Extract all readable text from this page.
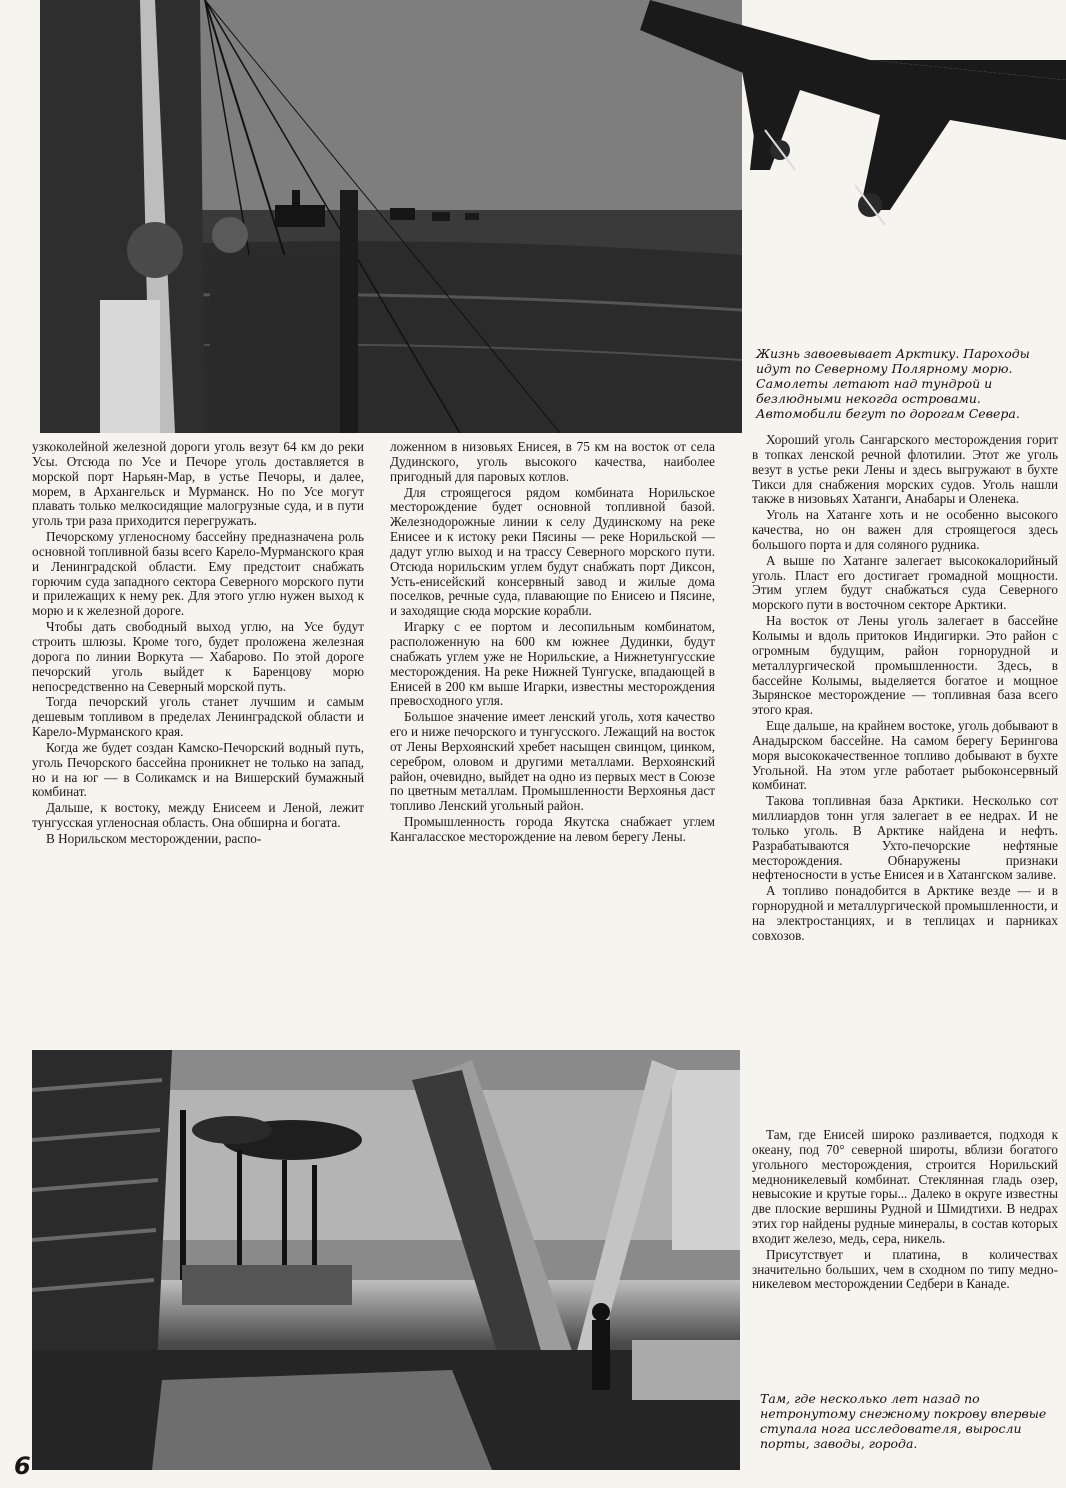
Жизнь завоевывает Арктику. Пароходы идут по Северному Полярному морю. Самолеты летают над тундрой и безлюдными некогда островами. Автомобили бегут по дорогам Севера.

узкоколейной железной дороги уголь везут 64 км до реки Усы. Отсюда по Усе и Печоре уголь доставляется в морской порт Нарьян-Мар, в устье Печоры, и далее, морем, в Архангельск и Мурманск. Но по Усе могут плавать только мелкосидящие малогрузные суда, и в пути уголь три раза приходится перегружать.

Печорскому угленосному бассейну предназначена роль основной топливной базы всего Карело-Мурманского края и Ленинградской области. Ему предстоит снабжать горючим суда западного сектора Северного морского пути и прилежащих к нему рек. Для этого углю нужен выход к морю и к железной дороге.

Чтобы дать свободный выход углю, на Усе будут строить шлюзы. Кроме того, будет проложена железная дорога по линии Воркута — Хабарово. По этой дороге печорский уголь выйдет к Баренцову морю непосредственно на Северный морской путь.

Тогда печорский уголь станет лучшим и самым дешевым топливом в пределах Ленинградской области и Карело-Мурманского края.

Когда же будет создан Камско-Печорский водный путь, уголь Печорского бассейна проникнет не только на запад, но и на юг — в Соликамск и на Вишерский бумажный комбинат.

Дальше, к востоку, между Енисеем и Леной, лежит тунгусская угленосная область. Она обширна и богата.

В Норильском месторождении, распо-

ложенном в низовьях Енисея, в 75 км на восток от села Дудинского, уголь высокого качества, наиболее пригодный для паровых котлов.

Для строящегося рядом комбината Норильское месторождение будет основной топливной базой. Железнодорожные линии к селу Дудинскому на реке Енисее и к истоку реки Пясины — реке Норильской — дадут углю выход и на трассу Северного морского пути. Отсюда норильским углем будут снабжать порт Диксон, Усть-енисейский консервный завод и жилые дома поселков, речные суда, плавающие по Енисею и Пясине, и заходящие сюда морские корабли.

Игарку с ее портом и лесопильным комбинатом, расположенную на 600 км южнее Дудинки, будут снабжать углем уже не Норильские, а Нижнетунгусские месторождения. На реке Нижней Тунгуске, впадающей в Енисей в 200 км выше Игарки, известны месторождения превосходного угля.

Большое значение имеет ленский уголь, хотя качество его и ниже печорского и тунгусского. Лежащий на восток от Лены Верхоянский хребет насыщен свинцом, цинком, серебром, оловом и другими металлами. Верхоянский район, очевидно, выйдет на одно из первых мест в Союзе по цветным металлам. Промышленности Верхоянья даст топливо Ленский угольный район.

Промышленность города Якутска снабжает углем Кангаласское месторождение на левом берегу Лены.

Хороший уголь Сангарского месторождения горит в топках ленской речной флотилии. Этот же уголь везут в устье реки Лены и здесь выгружают в бухте Тикси для снабжения морских судов. Уголь нашли также в низовьях Хатанги, Анабары и Оленека.

Уголь на Хатанге хоть и не особенно высокого качества, но он важен для строящегося здесь большого порта и для соляного рудника.

А выше по Хатанге залегает высококалорийный уголь. Пласт его достигает громадной мощности. Этим углем будут снабжаться суда Северного морского пути в восточном секторе Арктики.

На восток от Лены уголь залегает в бассейне Колымы и вдоль притоков Индигирки. Это район с огромным будущим, район горнорудной и металлургической промышленности. Здесь, в бассейне Колымы, выделяется богатое и мощное Зырянское месторождение — топливная база всего этого края.

Еще дальше, на крайнем востоке, уголь добывают в Анадырском бассейне. На самом берегу Берингова моря высококачественное топливо добывают в бухте Угольной. На этом угле работает рыбоконсервный комбинат.

Такова топливная база Арктики. Несколько сот миллиардов тонн угля залегает в ее недрах. И не только уголь. В Арктике найдена и нефть. Разрабатываются Ухто-печорские нефтяные месторождения. Обнаружены признаки нефтеносности в устье Енисея и в Хатангском заливе.

А топливо понадобится в Арктике везде — и в горнорудной и металлургической промышленности, и на электростанциях, и в теплицах и парниках совхозов.

Там, где Енисей широко разливается, подходя к океану, под 70° северной широты, вблизи богатого угольного месторождения, строится Норильский медноникелевый комбинат. Стеклянная гладь озер, невысокие и крутые горы... Далеко в округе известны две плоские вершины Рудной и Шмидтихи. В недрах этих гор найдены рудные минералы, в состав которых входит железо, медь, сера, никель.

Присутствует и платина, в количествах значительно больших, чем в сходном по типу медно-никелевом месторождении Седбери в Канаде.

Там, где несколько лет назад по нетронутому снежному покрову впервые ступала нога исследователя, выросли порты, заводы, города.

6
